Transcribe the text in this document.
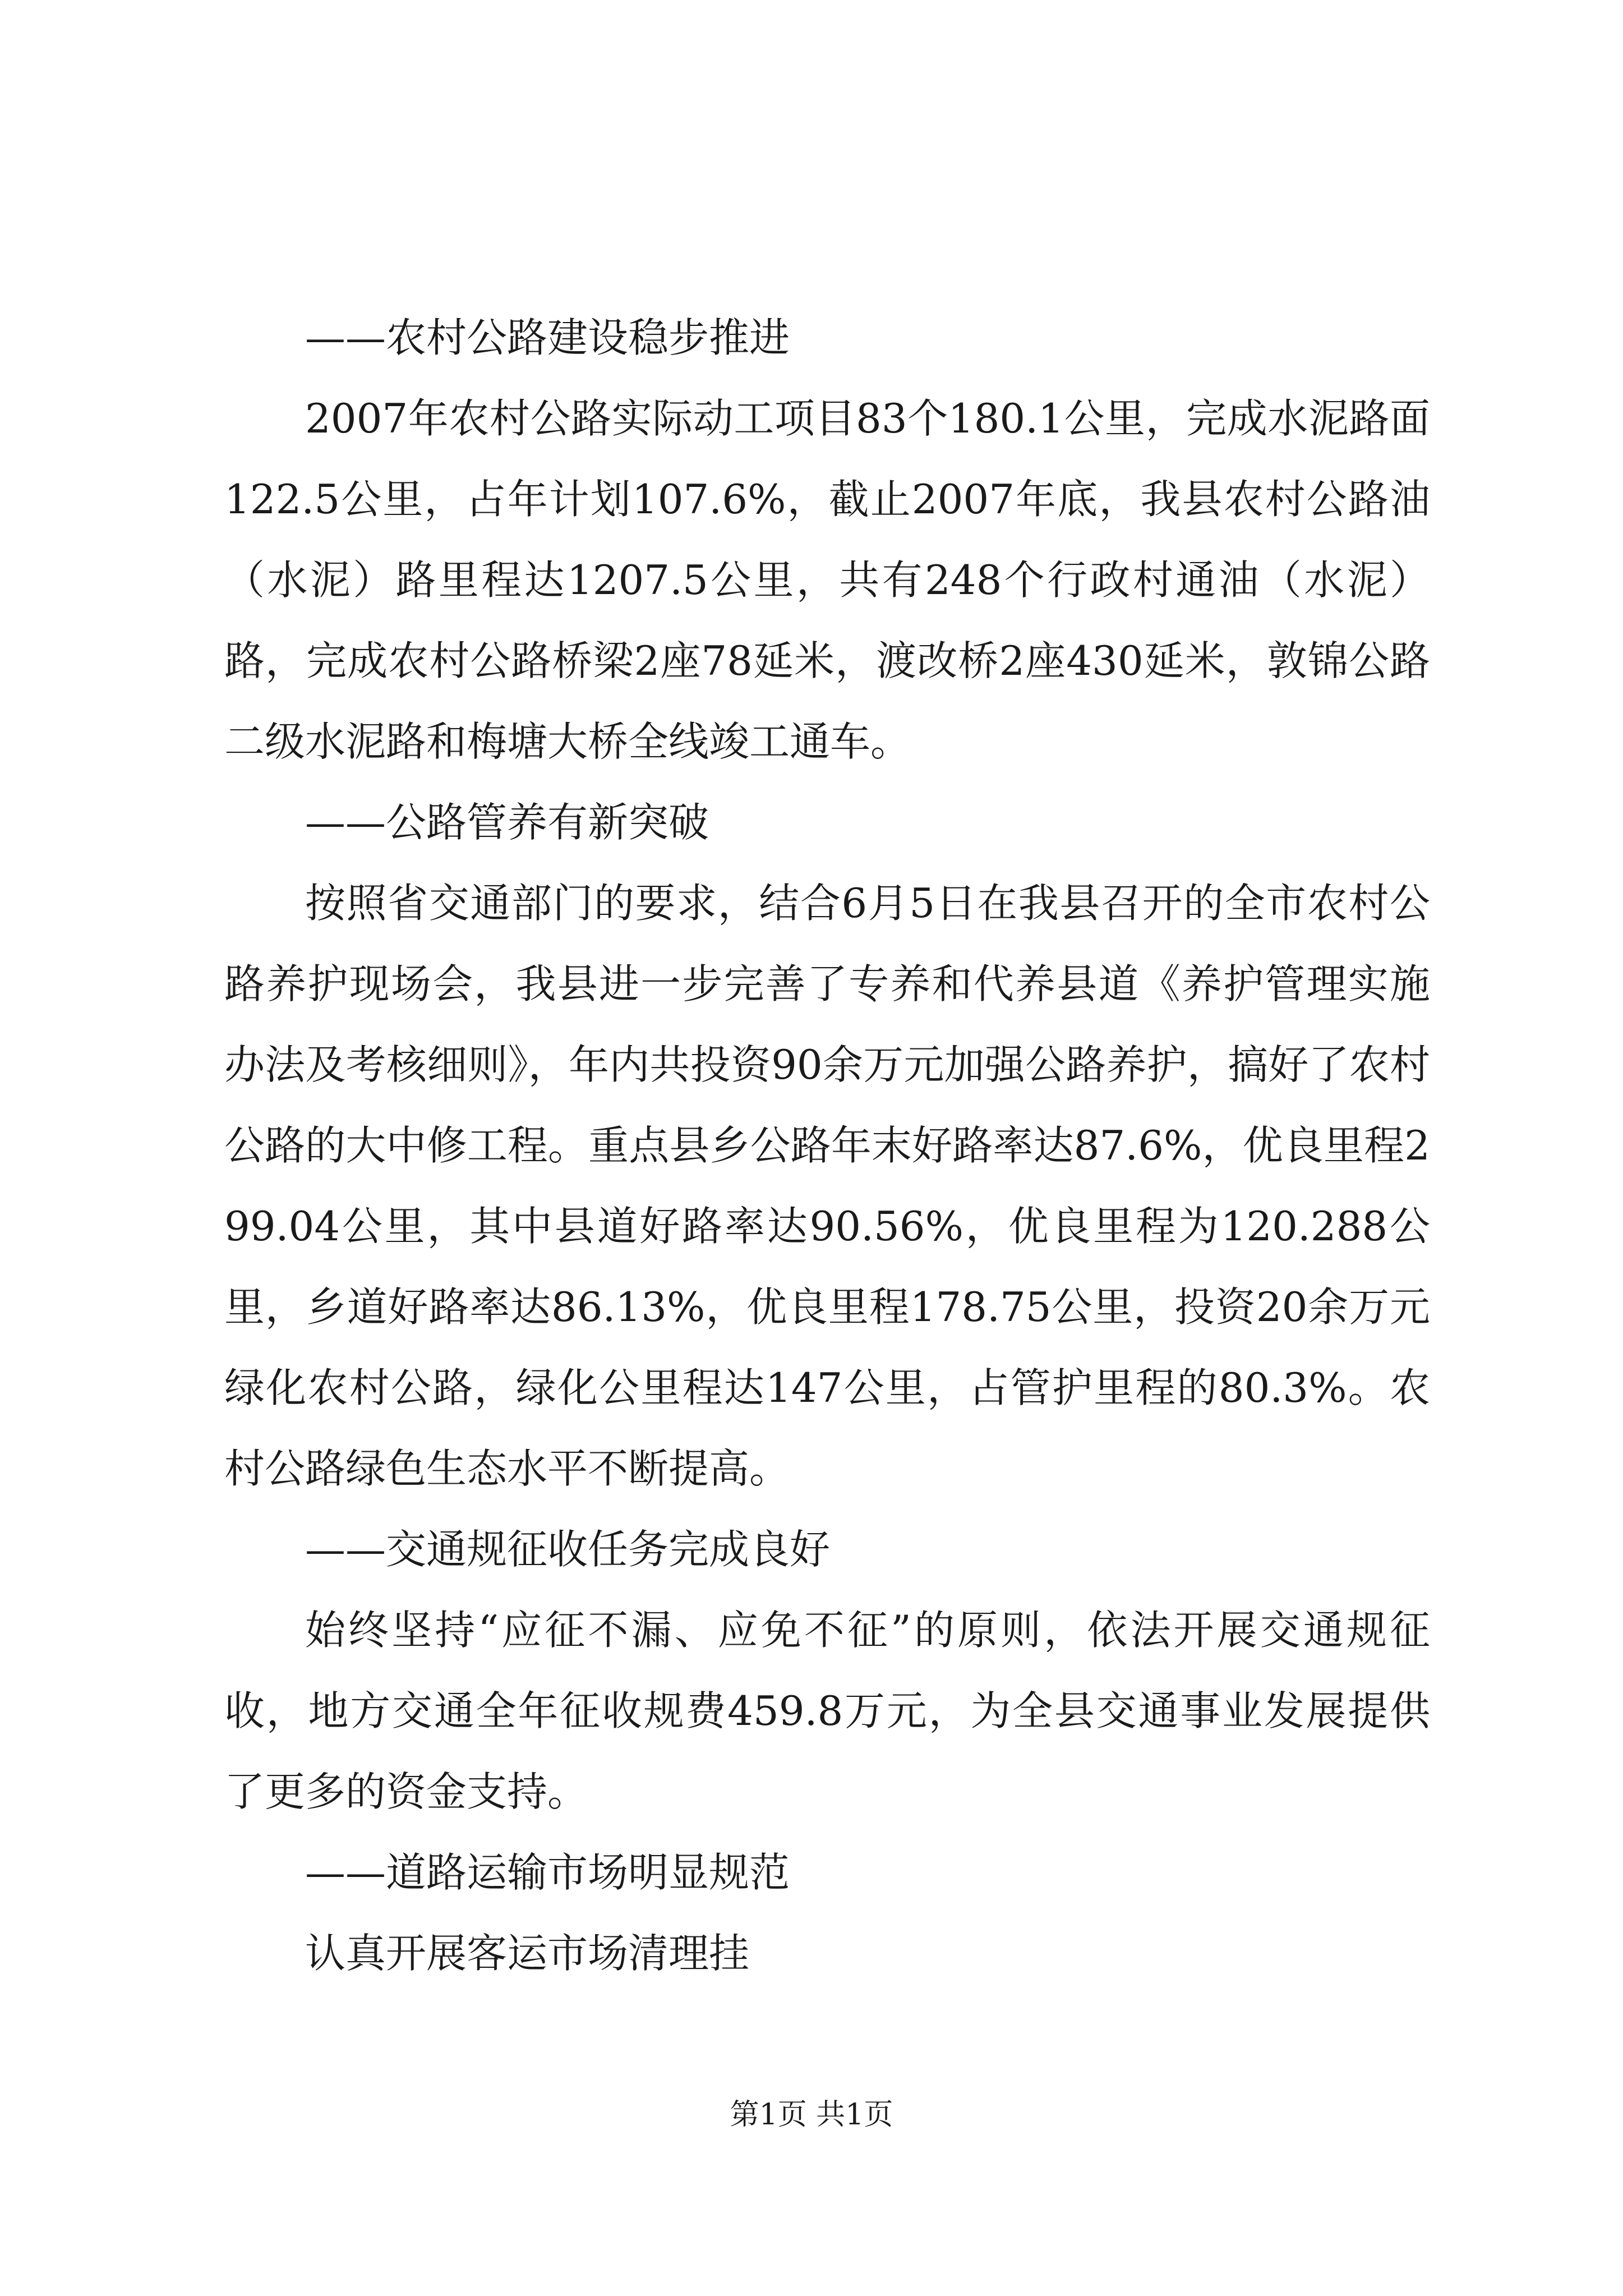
——农村公路建设稳步推进

2007年农村公路实际动工项目83个180.1公里，完成水泥路面122.5公里，占年计划107.6%，截止2007年底，我县农村公路油（水泥）路里程达1207.5公里，共有248个行政村通油（水泥）路，完成农村公路桥梁2座78延米，渡改桥2座430延米，敦锦公路二级水泥路和梅塘大桥全线竣工通车。

——公路管养有新突破

按照省交通部门的要求，结合6月5日在我县召开的全市农村公路养护现场会，我县进一步完善了专养和代养县道《养护管理实施办法及考核细则》，年内共投资90余万元加强公路养护，搞好了农村公路的大中修工程。重点县乡公路年末好路率达87.6%，优良里程299.04公里，其中县道好路率达90.56%，优良里程为120.288公里，乡道好路率达86.13%，优良里程178.75公里，投资20余万元绿化农村公路，绿化公里程达147公里，占管护里程的80.3%。农村公路绿色生态水平不断提高。

——交通规征收任务完成良好

始终坚持“应征不漏、应免不征”的原则，依法开展交通规征收，地方交通全年征收规费459.8万元，为全县交通事业发展提供了更多的资金支持。

——道路运输市场明显规范

认真开展客运市场清理挂

第1页 共1页
